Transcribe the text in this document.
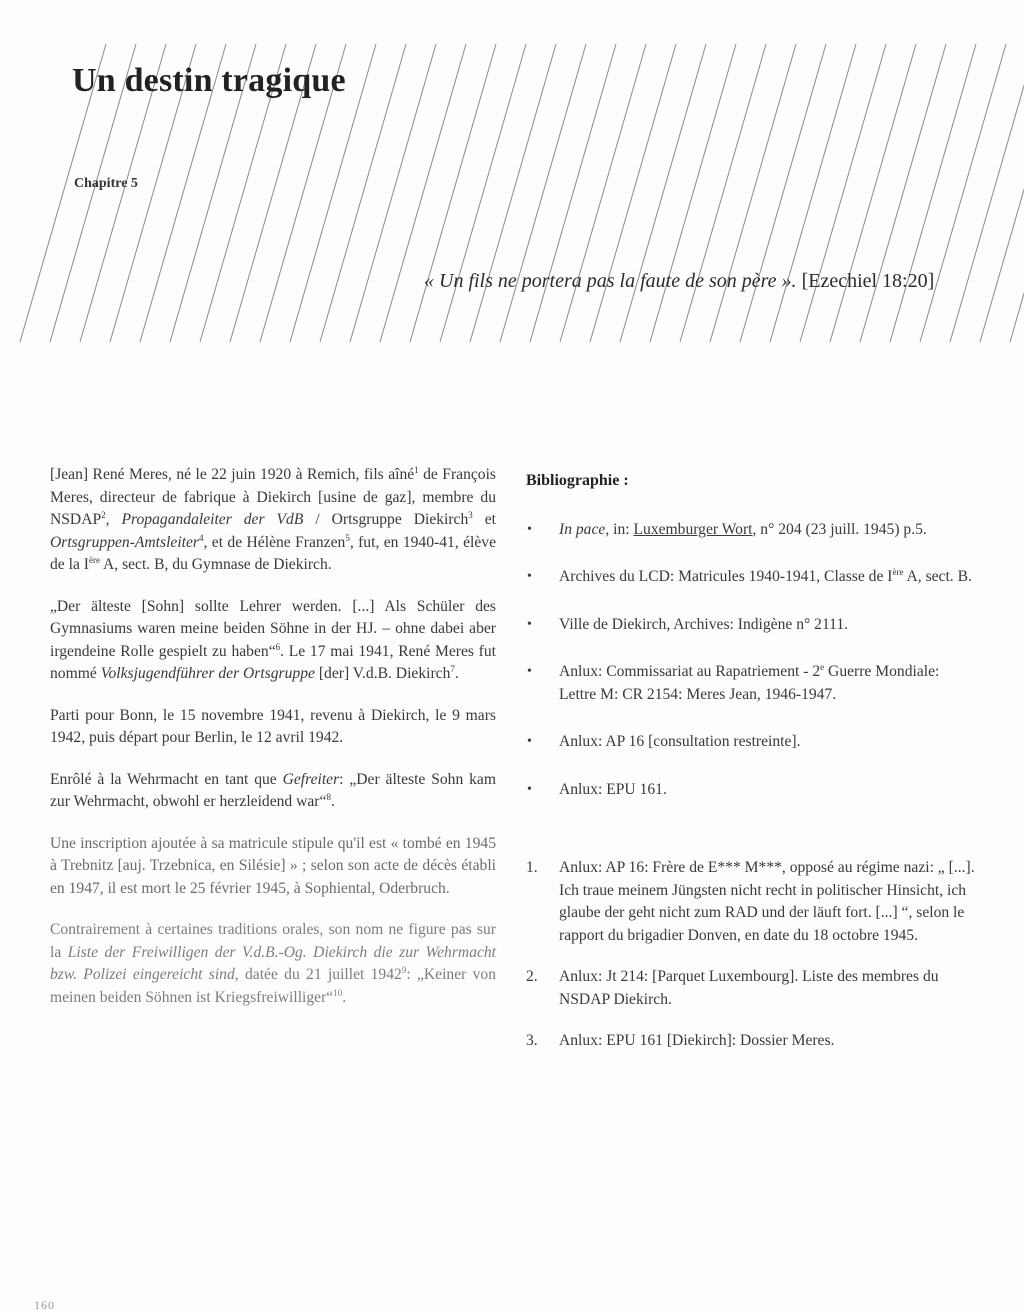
Un destin tragique
Chapitre 5
« Un fils ne portera pas la faute de son père ». [Ezechiel 18:20]

[Jean] René Meres, né le 22 juin 1920 à Remich, fils aîné$^1$ de François Meres, directeur de fabrique à Diekirch [usine de gaz], membre du NSDAP$^2$, Propagandaleiter der VdB / Ortsgruppe Diekirch$^3$ et Ortsgruppen-Amtsleiter$^4$, et de Hélène Franzen$^5$, fut, en 1940-41, élève de la Ière A, sect. B, du Gymnase de Diekirch.

„Der älteste [Sohn] sollte Lehrer werden. [...] Als Schüler des Gymnasiums waren meine beiden Söhne in der HJ. – ohne dabei aber irgendeine Rolle gespielt zu haben“$^6$. Le 17 mai 1941, René Meres fut nommé Volksjugendführer der Ortsgruppe [der] V.d.B. Diekirch$^7$.

Parti pour Bonn, le 15 novembre 1941, revenu à Diekirch, le 9 mars 1942, puis départ pour Berlin, le 12 avril 1942.

Enrôlé à la Wehrmacht en tant que Gefreiter: „Der älteste Sohn kam zur Wehrmacht, obwohl er herzleidend war“$^8$.

Une inscription ajoutée à sa matricule stipule qu'il est « tombé en 1945 à Trebnitz [auj. Trzebnica, en Silésie] » ; selon son acte de décès établi en 1947, il est mort le 25 février 1945, à Sophiental, Oderbruch.

Contrairement à certaines traditions orales, son nom ne figure pas sur la Liste der Freiwilligen der V.d.B.-Og. Diekirch die zur Wehrmacht bzw. Polizei eingereicht sind, datée du 21 juillet 1942$^9$: „Keiner von meinen beiden Söhnen ist Kriegsfreiwilliger“$^{10}$.

Bibliographie :
• In pace, in: Luxemburger Wort, n° 204 (23 juill. 1945) p.5.
• Archives du LCD: Matricules 1940-1941, Classe de Ière A, sect. B.
• Ville de Diekirch, Archives: Indigène n° 2111.
• Anlux: Commissariat au Rapatriement - 2e Guerre Mondiale: Lettre M: CR 2154: Meres Jean, 1946-1947.
• Anlux: AP 16 [consultation restreinte].
• Anlux: EPU 161.
1. Anlux: AP 16: Frère de E*** M***, opposé au régime nazi: „ [...]. Ich traue meinem Jüngsten nicht recht in politischer Hinsicht, ich glaube der geht nicht zum RAD und der läuft fort. [...] “, selon le rapport du brigadier Donven, en date du 18 octobre 1945.
2. Anlux: Jt 214: [Parquet Luxembourg]. Liste des membres du NSDAP Diekirch.
3. Anlux: EPU 161 [Diekirch]: Dossier Meres.
160
